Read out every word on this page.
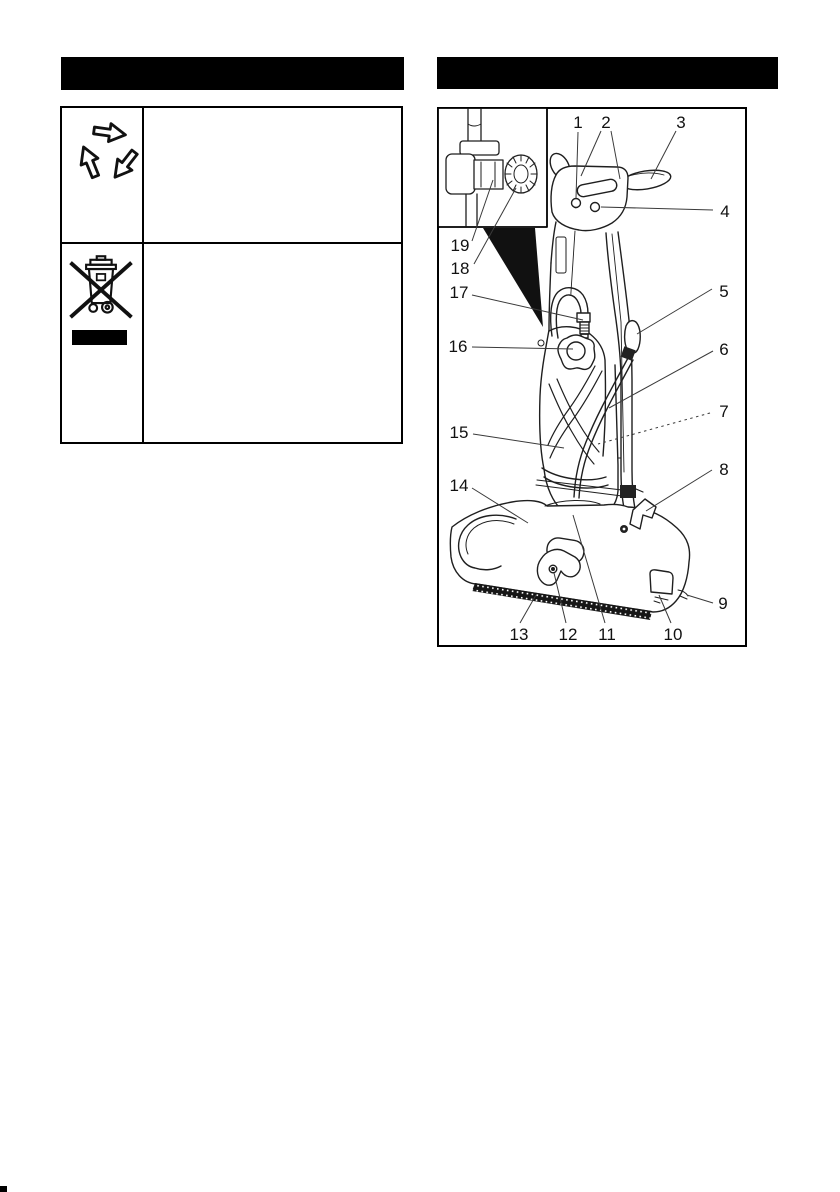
1 2	3
4
5
6
7
8
9
10
11
12
13
14
15
16
17
18
19
